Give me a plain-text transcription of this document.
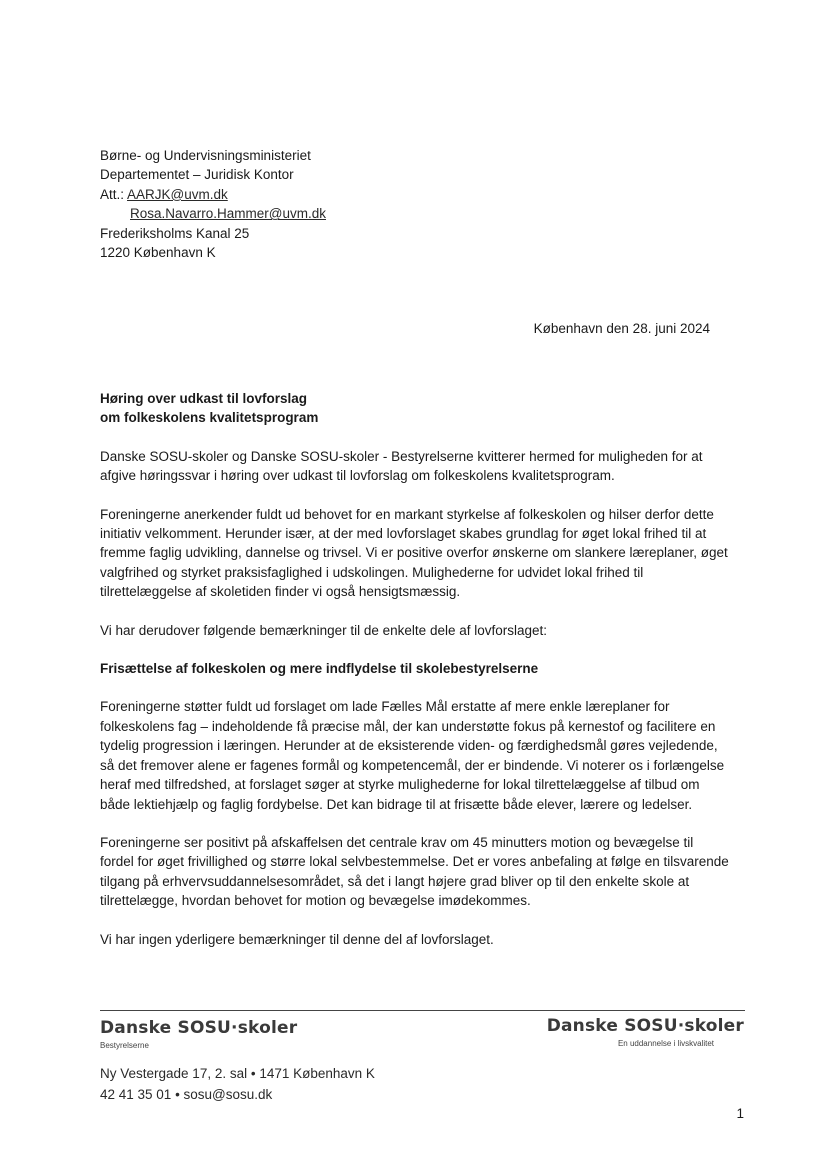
Børne- og Undervisningsministeriet
Departementet – Juridisk Kontor
Att.: AARJK@uvm.dk
Rosa.Navarro.Hammer@uvm.dk
Frederiksholms Kanal 25
1220 København K
København den 28. juni 2024
Høring over udkast til lovforslag
om folkeskolens kvalitetsprogram

Danske SOSU-skoler og Danske SOSU-skoler - Bestyrelserne kvitterer hermed for muligheden for at afgive høringssvar i høring over udkast til lovforslag om folkeskolens kvalitetsprogram.

Foreningerne anerkender fuldt ud behovet for en markant styrkelse af folkeskolen og hilser derfor dette initiativ velkomment. Herunder især, at der med lovforslaget skabes grundlag for øget lokal frihed til at fremme faglig udvikling, dannelse og trivsel. Vi er positive overfor ønskerne om slankere læreplaner, øget valgfrihed og styrket praksisfaglighed i udskolingen. Mulighederne for udvidet lokal frihed til tilrettelæggelse af skoletiden finder vi også hensigtsmæssig.

Vi har derudover følgende bemærkninger til de enkelte dele af lovforslaget:

Frisættelse af folkeskolen og mere indflydelse til skolebestyrelserne

Foreningerne støtter fuldt ud forslaget om lade Fælles Mål erstatte af mere enkle læreplaner for folkeskolens fag – indeholdende få præcise mål, der kan understøtte fokus på kernestof og facilitere en tydelig progression i læringen. Herunder at de eksisterende viden- og færdighedsmål gøres vejledende, så det fremover alene er fagenes formål og kompetencemål, der er bindende. Vi noterer os i forlængelse heraf med tilfredshed, at forslaget søger at styrke mulighederne for lokal tilrettelæggelse af tilbud om både lektiehjælp og faglig fordybelse. Det kan bidrage til at frisætte både elever, lærere og ledelser.

Foreningerne ser positivt på afskaffelsen det centrale krav om 45 minutters motion og bevægelse til fordel for øget frivillighed og større lokal selvbestemmelse. Det er vores anbefaling at følge en tilsvarende tilgang på erhvervsuddannelsesområdet, så det i langt højere grad bliver op til den enkelte skole at tilrettelægge, hvordan behovet for motion og bevægelse imødekommes.

Vi har ingen yderligere bemærkninger til denne del af lovforslaget.

Danske SOSU·skoler
Bestyrelserne
Danske SOSU·skoler
En uddannelse i livskvalitet
Ny Vestergade 17, 2. sal • 1471 København K
42 41 35 01 • sosu@sosu.dk
1
